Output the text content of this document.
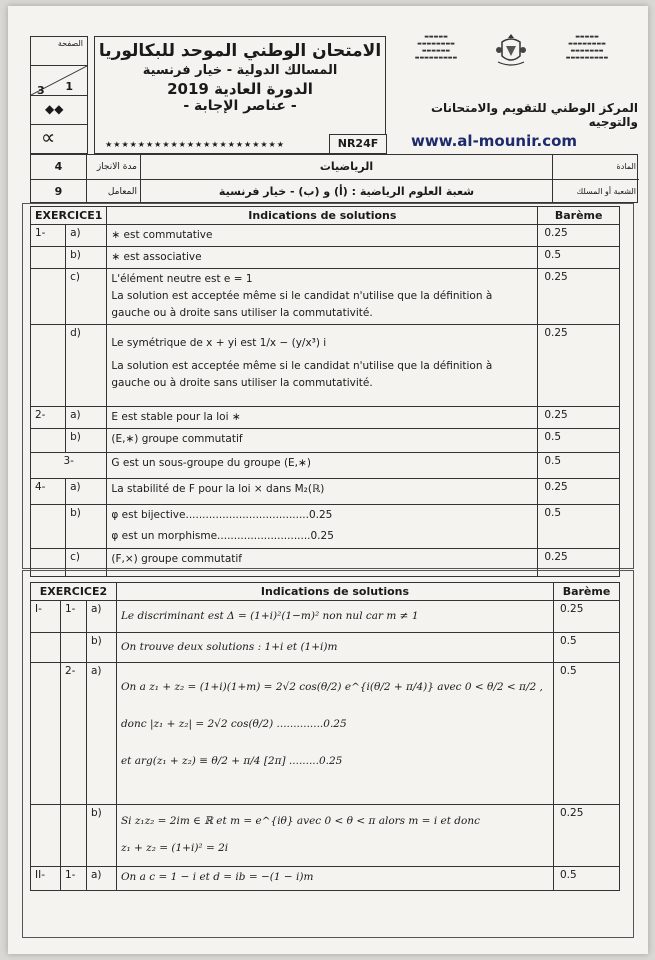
الصفحة
1
3
◆◆
∝
الامتحان الوطني الموحد للبكالوريا
المسالك الدولية - خيار فرنسية
الدورة العادية 2019
- عناصر الإجابة -
★★★★★★★★★★★★★★★★★★★★★★	NR24F
▬▬▬▬▬
▬▬▬▬▬▬▬▬
▬▬▬▬▬▬
▬▬▬▬▬▬▬▬▬
▬▬▬▬▬
▬▬▬▬▬▬▬▬
▬▬▬▬▬▬▬
▬▬▬▬▬▬▬▬▬
المركز الوطني للتقويم والامتحانات والتوجيه
www.al-mounir.com
4	مدة الانجاز	الرياضيات	المادة
9	المعامل	شعبة العلوم الرياضية : (أ) و (ب) - خيار فرنسية	الشعبة أو المسلك
EXERCICE1		Indications de solutions	Barème
1-	a)	∗ est commutative	0.25
	b)	∗ est associative	0.5
	c)	L'élément neutre est e = 1
La solution est acceptée même si le candidat n'utilise que la définition à gauche ou à droite sans utiliser la commutativité.	0.25
	d)	Le symétrique de x + yi est 1/x − (y/x³) i
La solution est acceptée même si le candidat n'utilise que la définition à gauche ou à droite sans utiliser la commutativité.	0.25
2-	a)	E est stable pour la loi ∗	0.25
	b)	(E,∗) groupe commutatif	0.5
3-		G est un sous-groupe du groupe (E,∗)	0.5
4-	a)	La stabilité de F pour la loi × dans M₂(ℝ)	0.25
	b)	φ est bijective.....................................0.25
φ est un morphisme............................0.25	0.5
	c)	(F,×) groupe commutatif	0.25
EXERCICE2			Indications de solutions	Barème
I-	1-	a)	Le discriminant est Δ = (1+i)²(1−m)² non nul car m ≠ 1	0.25
		b)	On trouve deux solutions : 1+i et (1+i)m	0.5
	2-	a)	On a z₁ + z₂ = (1+i)(1+m) = 2√2 cos(θ/2) e^{i(θ/2 + π/4)} avec 0 < θ/2 < π/2 ,
donc |z₁ + z₂| = 2√2 cos(θ/2) ..............0.25
et arg(z₁ + z₂) ≡ θ/2 + π/4 [2π] .........0.25	0.5
		b)	Si z₁z₂ = 2im ∈ ℝ et m = e^{iθ} avec 0 < θ < π alors m = i et donc
z₁ + z₂ = (1+i)² = 2i	0.25
II-	1-	a)	On a c = 1 − i et d = ib = −(1 − i)m	0.5
